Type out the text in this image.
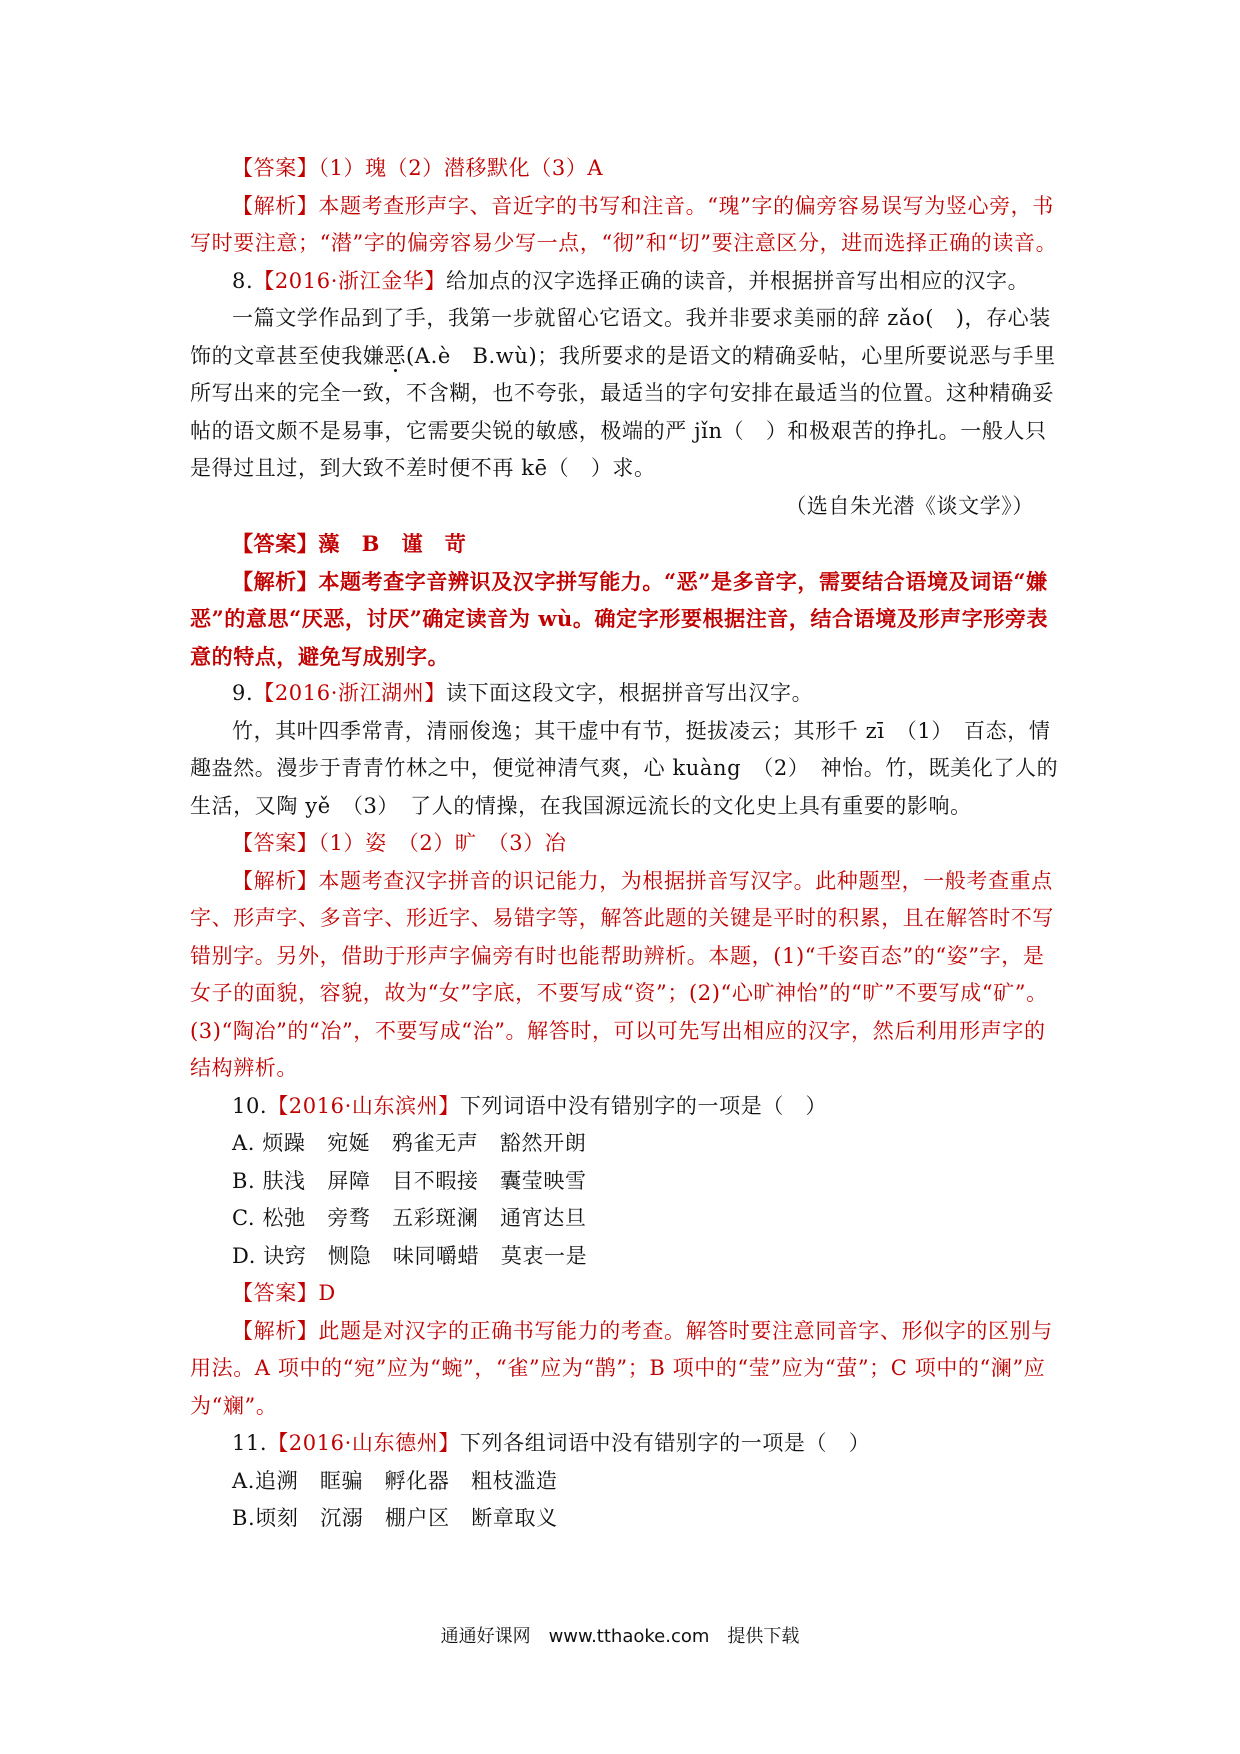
【答案】（1）瑰（2）潜移默化（3）A

【解析】本题考查形声字、音近字的书写和注音。“瑰”字的偏旁容易误写为竖心旁，书写时要注意；“潜”字的偏旁容易少写一点，“彻”和“切”要注意区分，进而选择正确的读音。

8.【2016·浙江金华】给加点的汉字选择正确的读音，并根据拼音写出相应的汉字。

一篇文学作品到了手，我第一步就留心它语文。我并非要求美丽的辞 zǎo(　)，存心装饰的文章甚至使我嫌恶(A.è　B.wù)；我所要求的是语文的精确妥帖，心里所要说恶与手里所写出来的完全一致，不含糊，也不夸张，最适当的字句安排在最适当的位置。这种精确妥帖的语文颇不是易事，它需要尖锐的敏感，极端的严 jǐn（　）和极艰苦的挣扎。一般人只是得过且过，到大致不差时便不再 kē（　）求。

（选自朱光潜《谈文学》）

【答案】藻　B　谨　苛

【解析】本题考查字音辨识及汉字拼写能力。“恶”是多音字，需要结合语境及词语“嫌恶”的意思“厌恶，讨厌”确定读音为 wù。确定字形要根据注音，结合语境及形声字形旁表意的特点，避免写成别字。

9.【2016·浙江湖州】读下面这段文字，根据拼音写出汉字。

竹，其叶四季常青，清丽俊逸；其干虚中有节，挺拔凌云；其形千 zī　（1）　百态，情趣盎然。漫步于青青竹林之中，便觉神清气爽，心 kuàng　（2）　神怡。竹，既美化了人的生活，又陶 yě　（3）　了人的情操，在我国源远流长的文化史上具有重要的影响。

【答案】（1）姿　（2）旷　（3）冶

【解析】本题考查汉字拼音的识记能力，为根据拼音写汉字。此种题型，一般考查重点字、形声字、多音字、形近字、易错字等，解答此题的关键是平时的积累，且在解答时不写错别字。另外，借助于形声字偏旁有时也能帮助辨析。本题，(1)“千姿百态”的“姿”字，是女子的面貌，容貌，故为“女”字底，不要写成“资”；(2)“心旷神怡”的“旷”不要写成“矿”。(3)“陶冶”的“冶”，不要写成“治”。解答时，可以可先写出相应的汉字，然后利用形声字的结构辨析。

10.【2016·山东滨州】下列词语中没有错别字的一项是（　）

A. 烦躁　宛娫　鸦雀无声　豁然开朗

B. 肤浅　屏障　目不暇接　囊莹映雪

C. 松弛　旁骛　五彩斑澜　通宵达旦

D. 诀窍　恻隐　味同嚼蜡　莫衷一是

【答案】D

【解析】此题是对汉字的正确书写能力的考查。解答时要注意同音字、形似字的区别与用法。A 项中的“宛”应为“蜿”，“雀”应为“鹊”；B 项中的“莹”应为“萤”；C 项中的“澜”应为“斓”。

11.【2016·山东德州】下列各组词语中没有错别字的一项是（　）

A.追溯　眶骗　孵化器　粗枝滥造

B.顷刻　沉溺　棚户区　断章取义

通通好课网　www.tthaoke.com　提供下载
